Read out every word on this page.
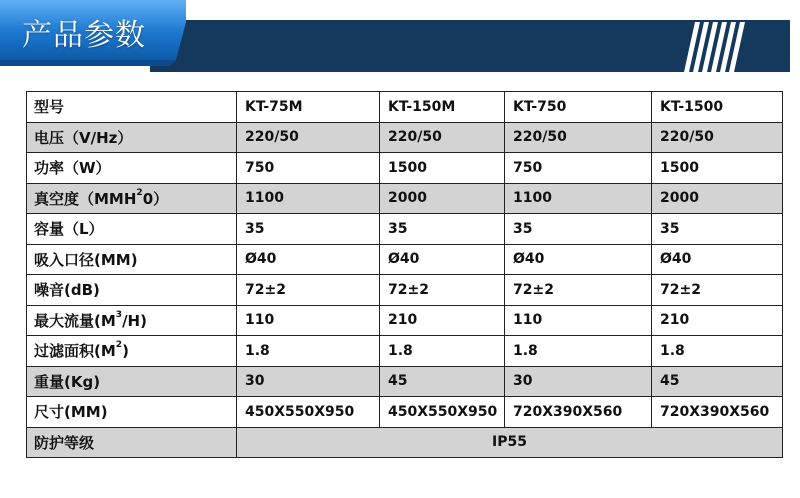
产品参数
型号	KT-75M	KT-150M	KT-750	KT-1500
电压（V/Hz）	220/50	220/50	220/50	220/50
功率（W）	750	1500	750	1500
真空度（MMH$^2$0）	1100	2000	1100	2000
容量（L）	35	35	35	35
吸入口径(MM)	Ø40	Ø40	Ø40	Ø40
噪音(dB)	72±2	72±2	72±2	72±2
最大流量$(M^3/H)$	110	210	110	210
过滤面积$(M^2)$	1.8	1.8	1.8	1.8
重量(Kg)	30	45	30	45
尺寸(MM)	450X550X950	450X550X950	720X390X560	720X390X560
防护等级	IP55			
